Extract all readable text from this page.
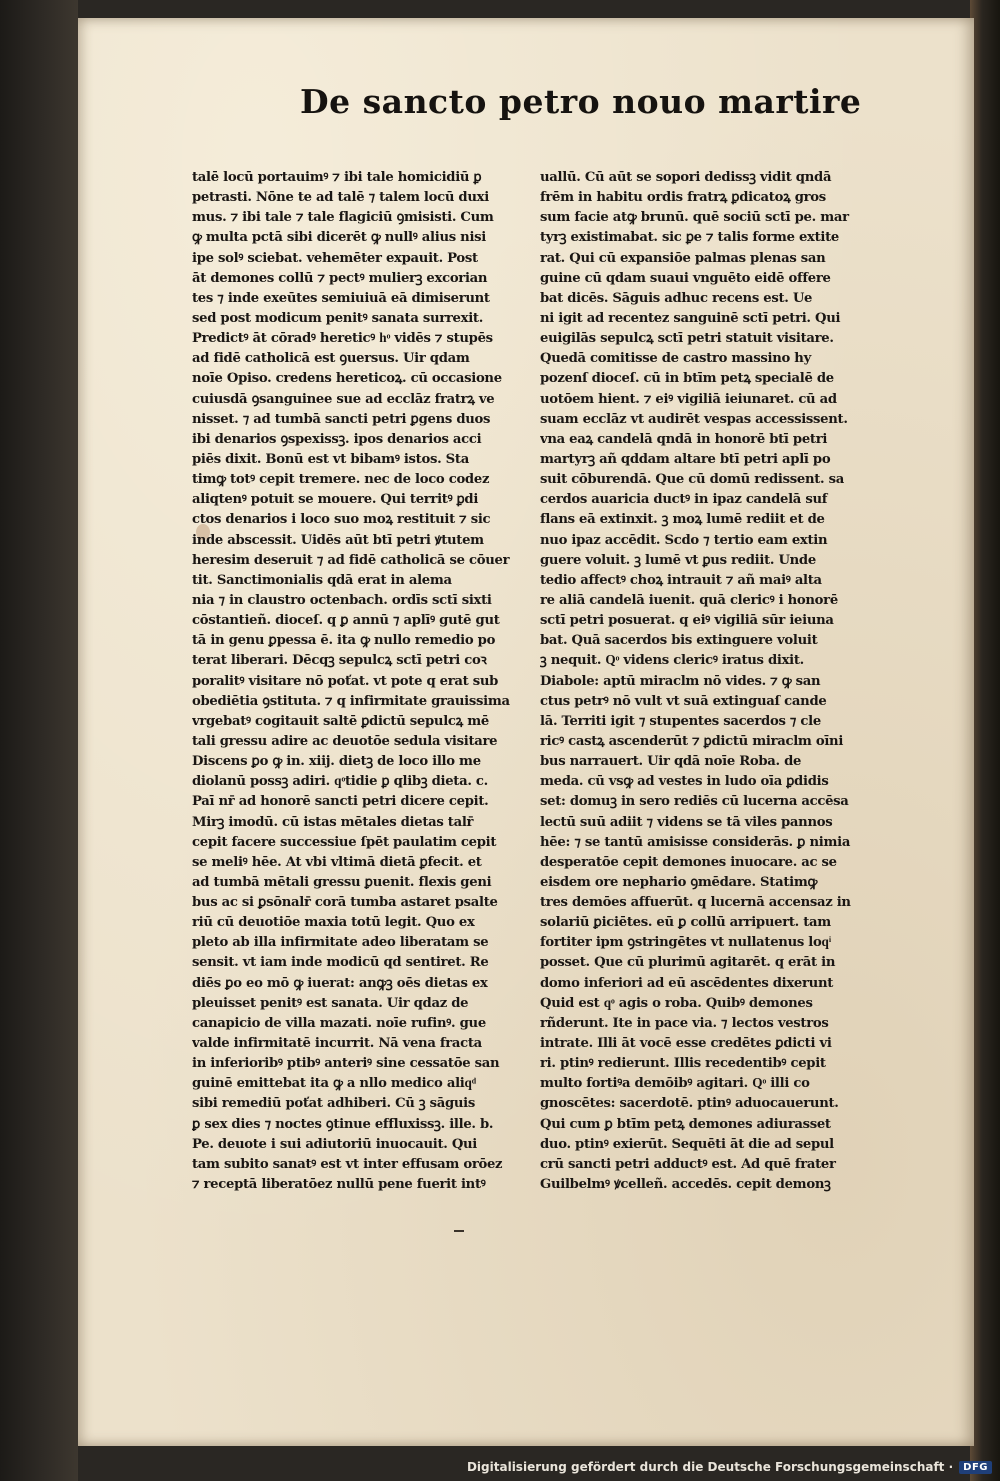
De sancto petro nouo martire
talē locū portauimꝰ ⁊ ibi tale homicidiū ꝑ
petrasti. Nōne te ad talē ⁊ talem locū duxi
mus. ⁊ ibi tale ⁊ tale flagiciū ꝯmisisti. Cum
ꝙ multa pctā sibi dicerēt ꝙ nullꝰ alius nisi
ipe solꝰ sciebat. vehemēter expauit. Post
āt demones collū ⁊ pectꝰ mulierꝫ excorian
tes ⁊ inde exeūtes semiuiuā eā dimiserunt
sed post modicum penitꝰ sanata surrexit.
Predictꝰ āt cōradꝰ hereticꝰ hͦ vidēs ⁊ stupēs
ad fidē catholicā est ꝯuersus. Uir qdam
noīe Opiso. credens hereticoꝝ. cū occasione
cuiusdā ꝯsanguinee sue ad ecclāz fratrꝝ ve
nisset. ⁊ ad tumbā sancti petri ꝑgens duos
ibi denarios ꝯspexissꝫ. ipos denarios acci
piēs dixit. Bonū est vt bibamꝰ istos. Sta
timꝙ totꝰ cepit tremere. nec de loco codez
aliqtenꝰ potuit se mouere. Qui territꝰ ꝑdi
ctos denarios i loco suo moꝝ restituit ⁊ sic
inde abscessit. Uidēs aūt btī petri ꝟtutem
heresim deseruit ⁊ ad fidē catholicā se cōuer
tit. Sanctimonialis qdā erat in alema
nia ⁊ in claustro octenbach. ordīs sctī sixti
cōstantieñ. dioceſ. q ꝑ annū ⁊ aplīꝰ gutē gut
tā in genu ꝑpessa ē. ita ꝙ nullo remedio po
terat liberari. Dēcqꝫ sepulcꝝ sctī petri coꝛ
poralitꝰ visitare nō poťat. vt pote q erat sub
obediētia ꝯstituta. ⁊ q infirmitate grauissima
vrgebatꝰ cogitauit saltē ꝑdictū sepulcꝝ mē
tali gressu adire ac deuotōe sedula visitare
Discens ꝑo ꝙ in. xiij. dietꝫ de loco illo me
diolanū possꝫ adiri. qͦtidie ꝑ qlibꝫ dieta. c.
Paī nr̄ ad honorē sancti petri dicere cepit.
Mirꝫ imodū. cū istas mētales dietas talr̄
cepit facere successiue ſpēt paulatim cepit
se meliꝰ hēe. At vbi vltimā dietā ꝑfecit. et
ad tumbā mētali gressu ꝑuenit. flexis geni
bus ac si ꝑsōnalr̄ corā tumba astaret psalte
riū cū deuotiōe maxia totū legit. Quo ex
pleto ab illa infirmitate adeo liberatam se
sensit. vt iam inde modicū qd sentiret. Re
diēs ꝑo eo mō ꝙ iuerat: anꝙꝫ oēs dietas ex
pleuisset penitꝰ est sanata. Uir qdaz de
canapicio de villa mazati. noīe rufinꝰ. gue
valde infirmitatē incurrit. Nā vena fracta
in inferioribꝰ ptibꝰ anteriꝰ sine cessatōe san
guinē emittebat ita ꝙ a nllo medico aliqͩ
sibi remediū poťat adhiberi. Cū ꝫ sāguis
ꝑ sex dies ⁊ noctes ꝯtinue effluxissꝫ. ille. b.
Pe. deuote i sui adiutoriū inuocauit. Qui
tam subito sanatꝰ est vt inter effusam orōez
⁊ receptā liberatōez nullū pene fuerit intꝰ
uallū. Cū aūt se sopori dedissꝫ vidit qndā
frēm in habitu ordis fratrꝝ ꝑdicatoꝝ gros
sum facie atꝙ brunū. quē sociū sctī pe. mar
tyrꝫ existimabat. sic ꝑe ⁊ talis forme extite
rat. Qui cū expansiōe palmas plenas san
guine cū qdam suaui vnguēto eidē offere
bat dicēs. Sāguis adhuc recens est. Ue
ni igit ad recentez sanguinē sctī petri. Qui
euigilās sepulcꝝ sctī petri statuit visitare.
Quedā comitisse de castro massino hy
pozenſ dioceſ. cū in btīm petꝝ specialē de
uotōem hient. ⁊ eiꝰ vigiliā ieiunaret. cū ad
suam ecclāz vt audirēt vespas accessissent.
vna eaꝝ candelā qndā in honorē btī petri
martyrꝫ añ qddam altare btī petri aplī po
suit cōburendā. Que cū domū redissent. sa
cerdos auaricia ductꝰ in ipaz candelā suf
flans eā extinxit. ꝫ moꝝ lumē rediit et de
nuo ipaz accēdit. Scdo ⁊ tertio eam extin
guere voluit. ꝫ lumē vt ꝑus rediit. Unde
tedio affectꝰ choꝝ intrauit ⁊ añ maiꝰ alta
re aliā candelā iuenit. quā clericꝰ i honorē
sctī petri posuerat. q eiꝰ vigiliā sūr ieiuna
bat. Quā sacerdos bis extinguere voluit
ꝫ nequit. Qͦ videns clericꝰ iratus dixit.
Diabole: aptū miraclm nō vides. ⁊ ꝙ san
ctus petrꝰ nō vult vt suā extinguaſ cande
lā. Territi igit ⁊ stupentes sacerdos ⁊ cle
ricꝰ castꝝ ascenderūt ⁊ ꝑdictū miraclm oīni
bus narrauert. Uir qdā noīe Roba. de
meda. cū vsꝙ ad vestes in ludo oīa ꝑdidis
set: domuꝫ in sero rediēs cū lucerna accēsa
lectū suū adiit ⁊ videns se tā viles pannos
hēe: ⁊ se tantū amisisse considerās. ꝑ nimia
desperatōe cepit demones inuocare. ac se
eisdem ore nephario ꝯmēdare. Statimꝙ
tres demōes affuerūt. q lucernā accensaz in
solariū ꝑiciētes. eū ꝑ collū arripuert. tam
fortiter ipm ꝯstringētes vt nullatenus loqͥ
posset. Que cū plurimū agitarēt. q erāt in
domo inferiori ad eū ascēdentes dixerunt
Quid est qͦ agis o roba. Quibꝰ demones
rñderunt. Ite in pace via. ⁊ lectos vestros
intrate. Illi āt vocē esse credētes ꝑdicti vi
ri. ptinꝰ redierunt. Illis recedentibꝰ cepit
multo fortiꝰa demōibꝰ agitari. Qͦ illi co
gnoscētes: sacerdotē. ptinꝰ aduocauerunt.
Qui cum ꝑ btīm petꝝ demones adiurasset
duo. ptinꝰ exierūt. Sequēti āt die ad sepul
crū sancti petri adductꝰ est. Ad quē frater
Guilbelmꝰ ꝟcelleñ. accedēs. cepit demonꝫ
Digitalisierung gefördert durch die Deutsche Forschungsgemeinschaft ·	DFG
